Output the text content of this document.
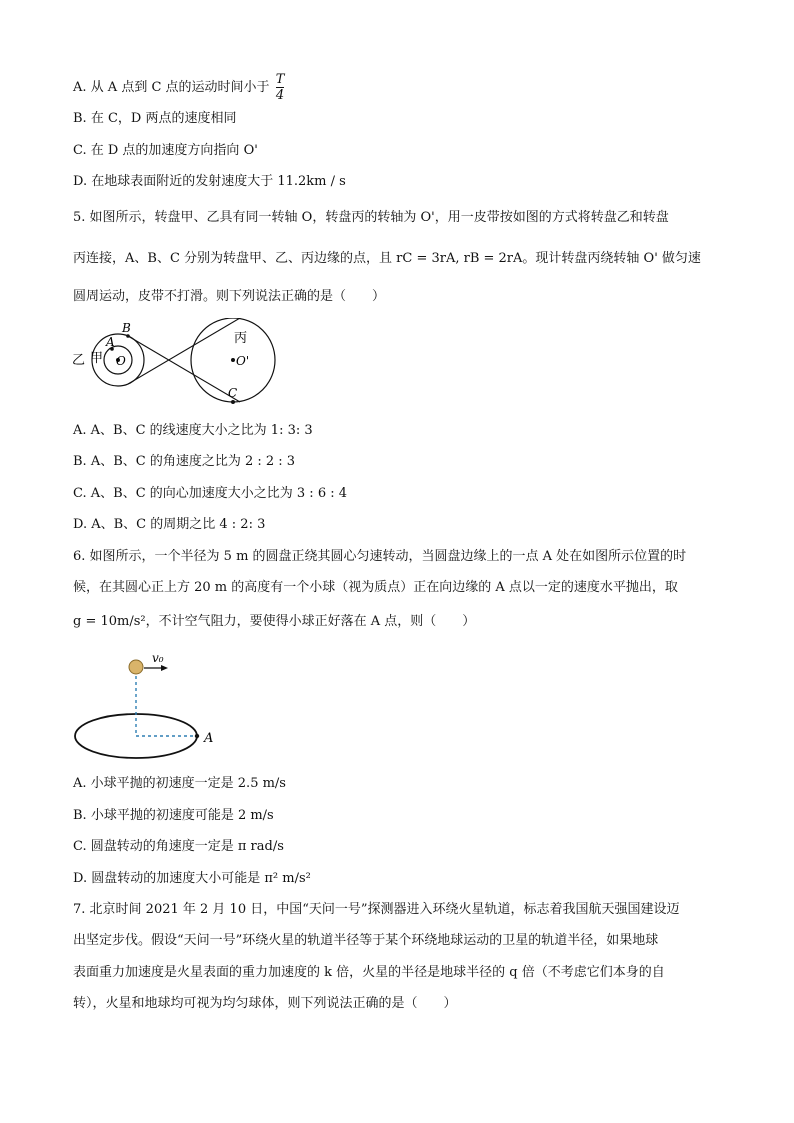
A. 从 A 点到 C 点的运动时间小于 $\frac{T}{4}$
B. 在 C，D 两点的速度相同
C. 在 D 点的加速度方向指向 O'
D. 在地球表面附近的发射速度大于 11.2km / s
5. 如图所示，转盘甲、乙具有同一转轴 O，转盘丙的转轴为 O'，用一皮带按如图的方式将转盘乙和转盘
丙连接，A、B、C 分别为转盘甲、乙、丙边缘的点，且 rC = 3rA, rB = 2rA。现计转盘丙绕转轴 O' 做匀速
圆周运动，皮带不打滑。则下列说法正确的是（　　）
乙 甲
A
B
O
丙
O'
C
A. A、B、C 的线速度大小之比为 1: 3: 3
B. A、B、C 的角速度之比为 2 : 2 : 3
C. A、B、C 的向心加速度大小之比为 3 : 6 : 4
D. A、B、C 的周期之比 4 : 2: 3
6. 如图所示，一个半径为 5 m 的圆盘正绕其圆心匀速转动，当圆盘边缘上的一点 A 处在如图所示位置的时
候，在其圆心正上方 20 m 的高度有一个小球（视为质点）正在向边缘的 A 点以一定的速度水平抛出，取
g = 10m/s²，不计空气阻力，要使得小球正好落在 A 点，则（　　）
v₀
A
A. 小球平抛的初速度一定是 2.5 m/s
B. 小球平抛的初速度可能是 2 m/s
C. 圆盘转动的角速度一定是 π rad/s
D. 圆盘转动的加速度大小可能是 π² m/s²
7. 北京时间 2021 年 2 月 10 日，中国“天问一号”探测器进入环绕火星轨道，标志着我国航天强国建设迈
出坚定步伐。假设“天问一号”环绕火星的轨道半径等于某个环绕地球运动的卫星的轨道半径，如果地球
表面重力加速度是火星表面的重力加速度的 k 倍，火星的半径是地球半径的 q 倍（不考虑它们本身的自
转），火星和地球均可视为均匀球体，则下列说法正确的是（　　）
